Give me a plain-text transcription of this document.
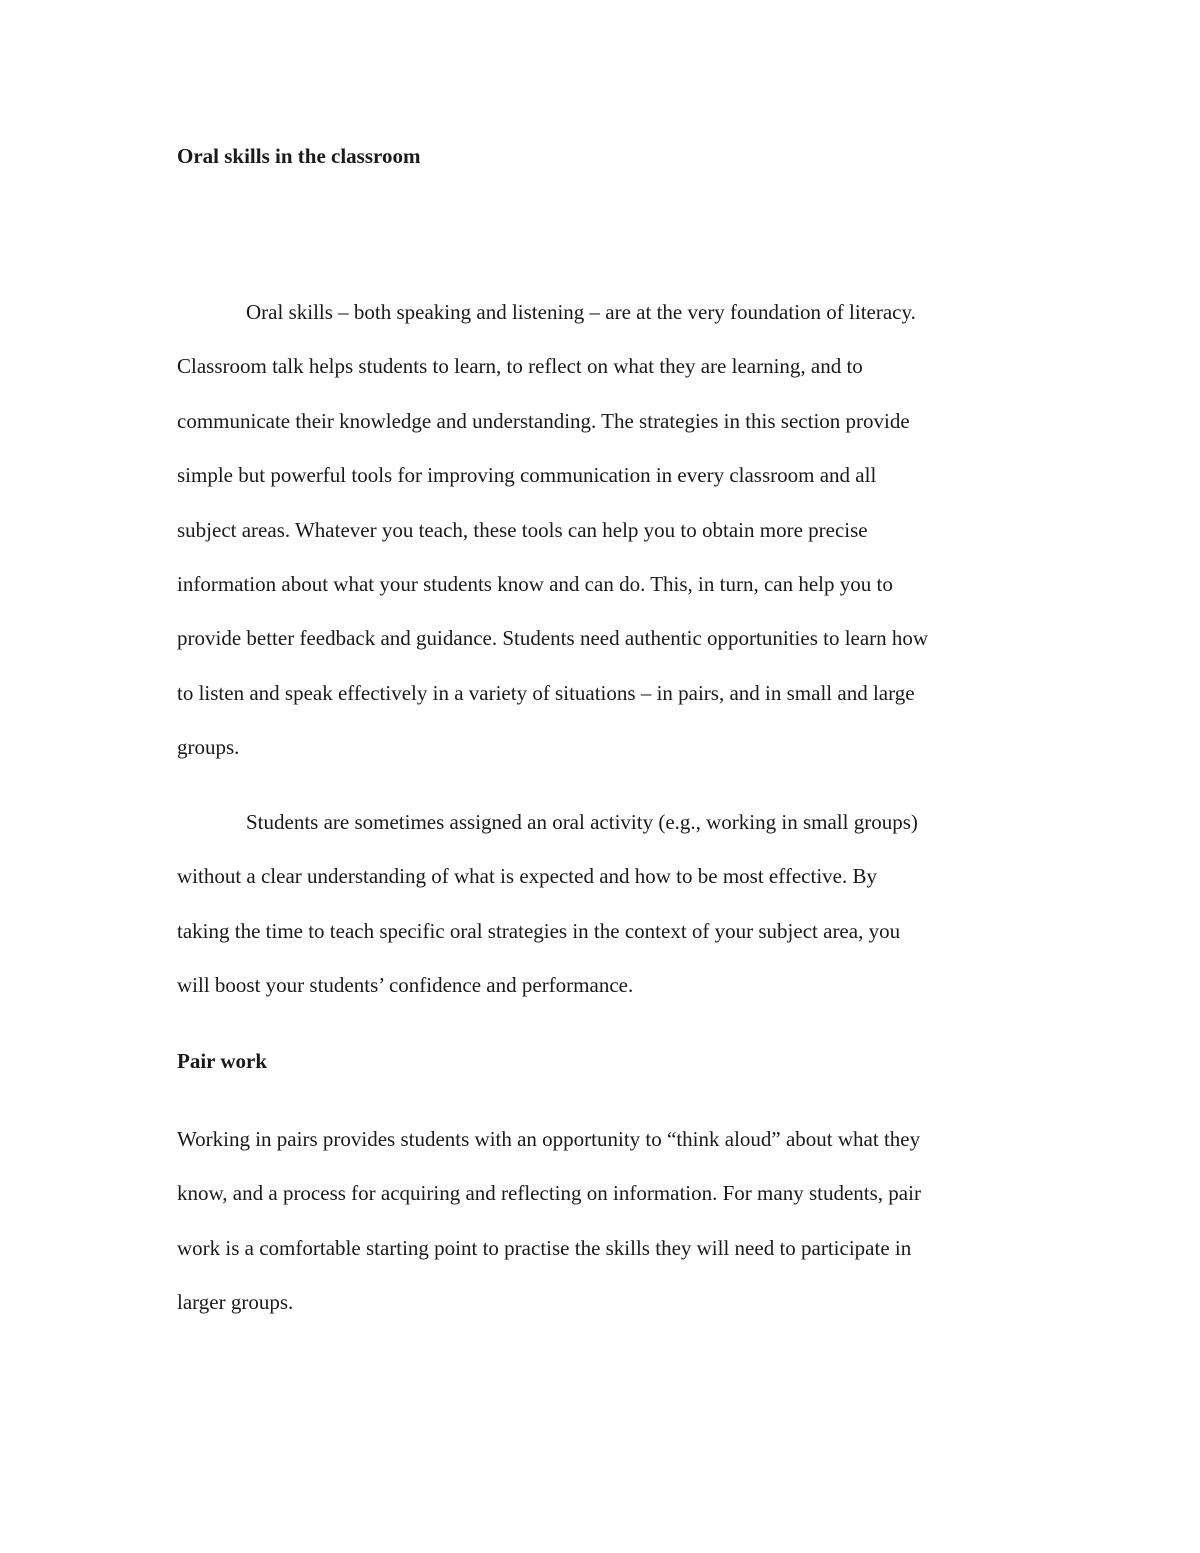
Oral skills in the classroom

Oral skills – both speaking and listening – are at the very foundation of literacy.
Classroom talk helps students to learn, to reflect on what they are learning, and to
communicate their knowledge and understanding. The strategies in this section provide
simple but powerful tools for improving communication in every classroom and all
subject areas. Whatever you teach, these tools can help you to obtain more precise
information about what your students know and can do. This, in turn, can help you to
provide better feedback and guidance. Students need authentic opportunities to learn how
to listen and speak effectively in a variety of situations – in pairs, and in small and large
groups.

Students are sometimes assigned an oral activity (e.g., working in small groups)
without a clear understanding of what is expected and how to be most effective. By
taking the time to teach specific oral strategies in the context of your subject area, you
will boost your students’ confidence and performance.

Pair work

Working in pairs provides students with an opportunity to “think aloud” about what they
know, and a process for acquiring and reflecting on information. For many students, pair
work is a comfortable starting point to practise the skills they will need to participate in
larger groups.
